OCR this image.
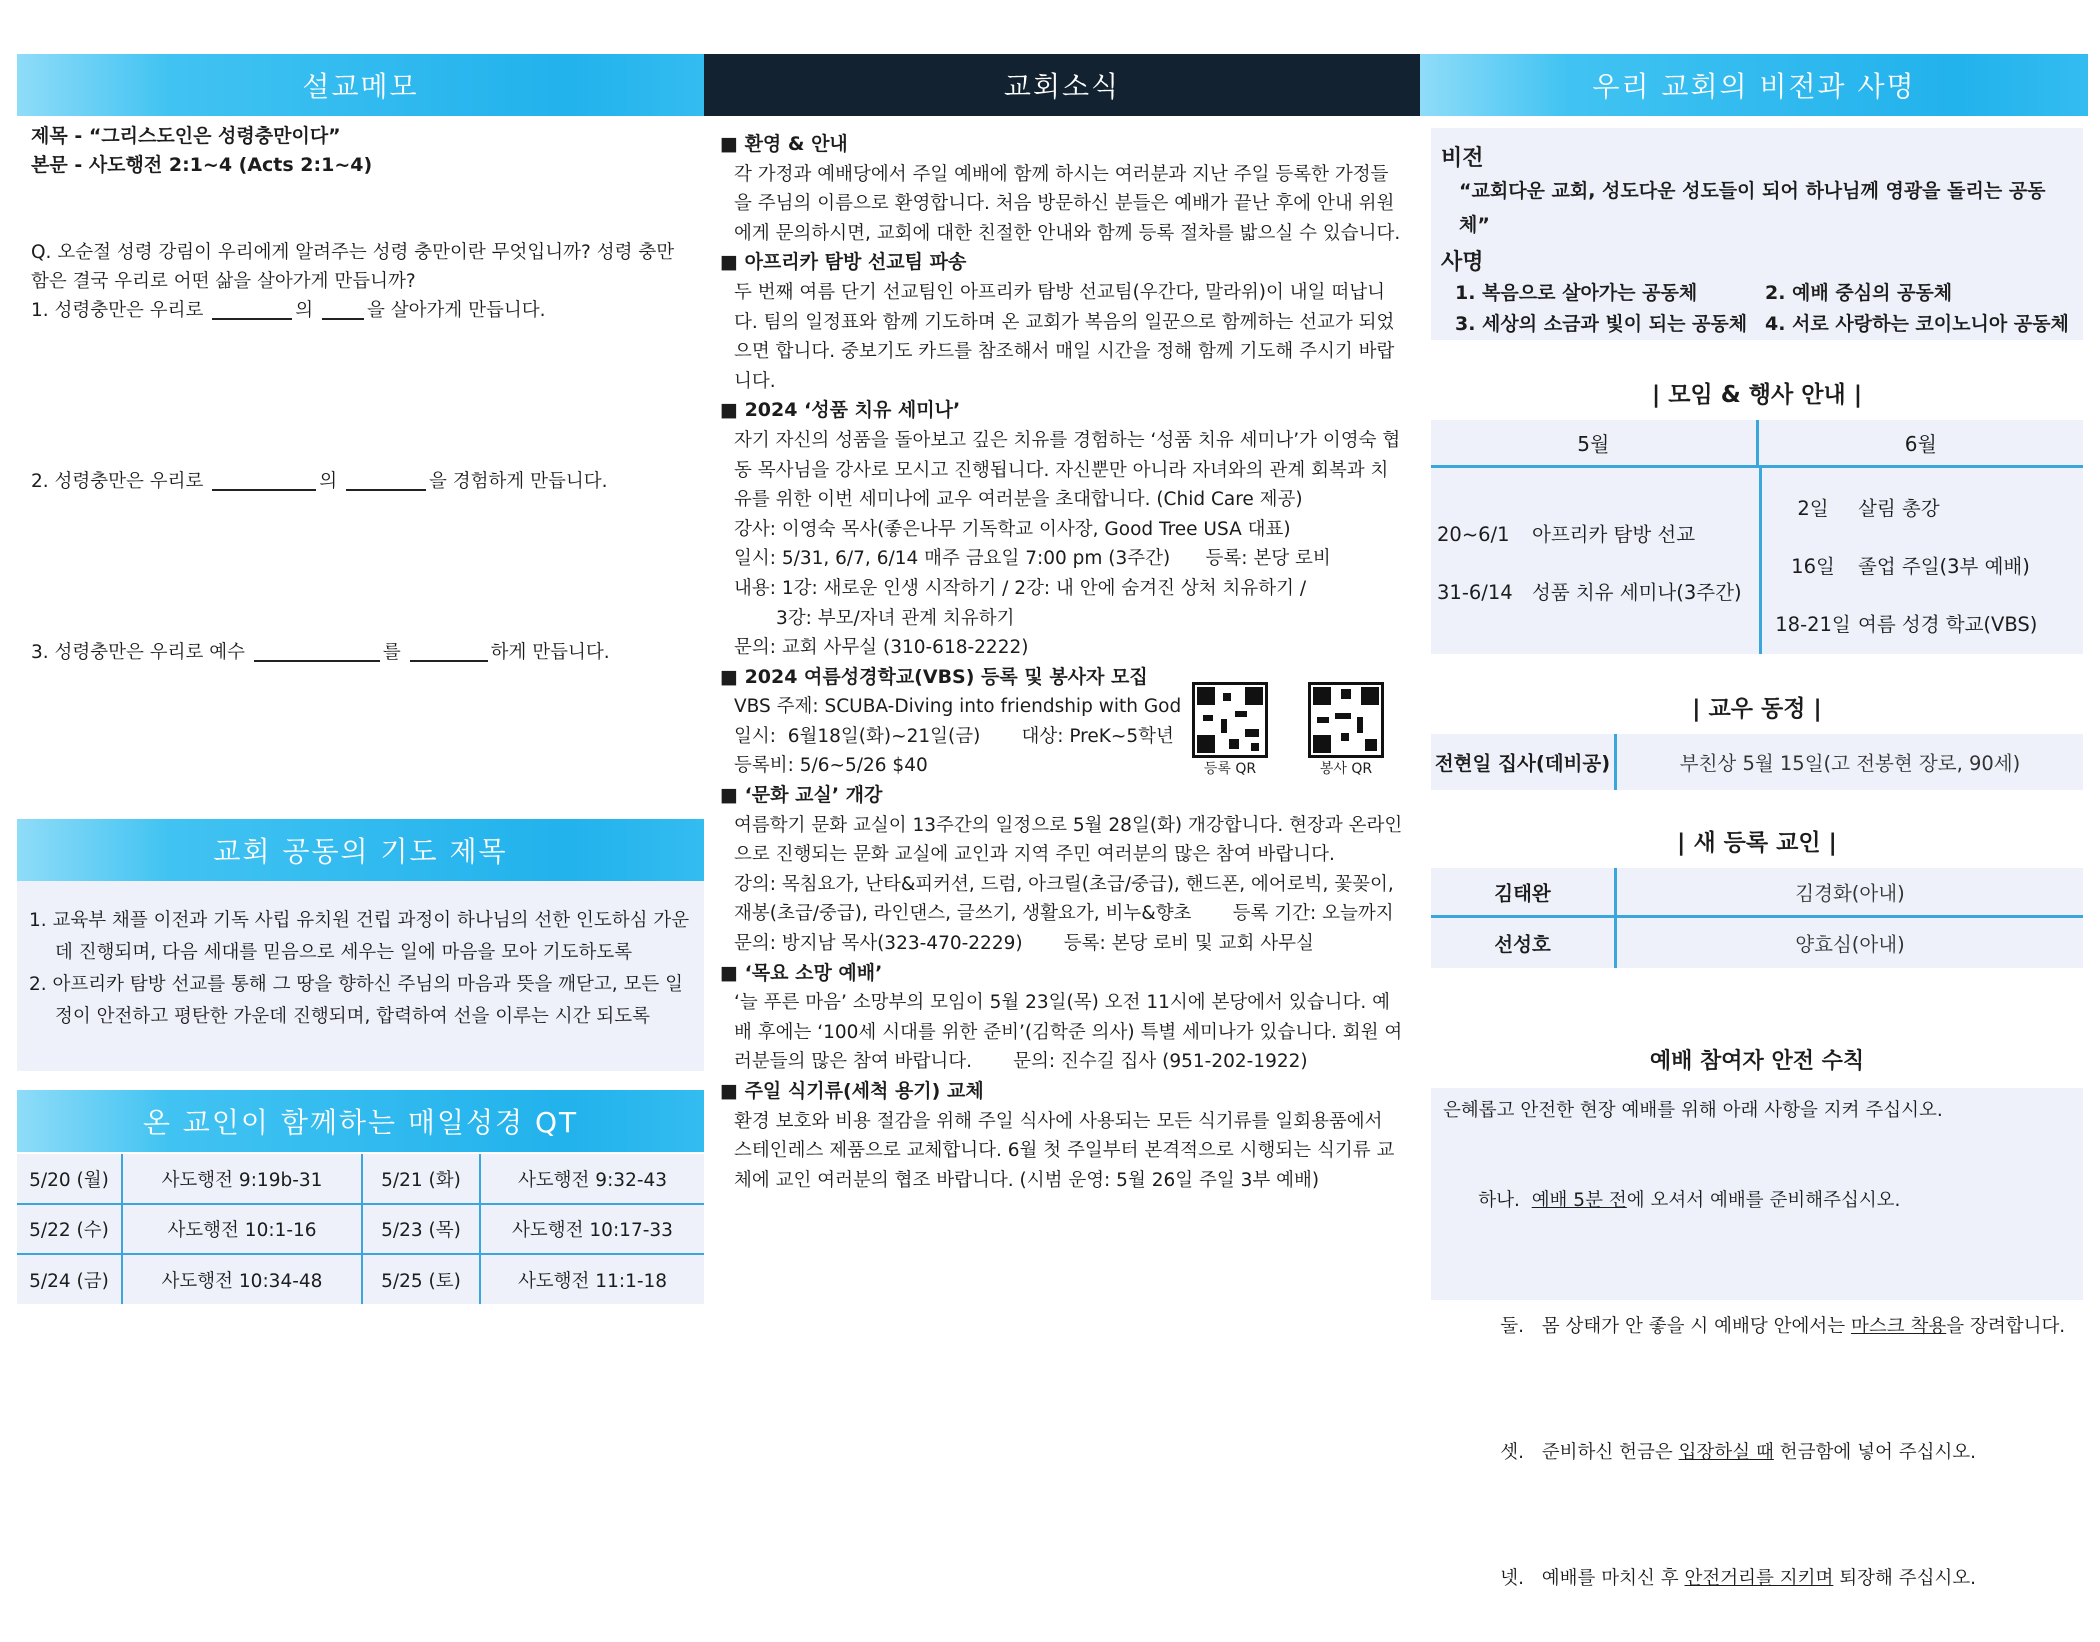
설교메모
제목 - “그리스도인은 성령충만이다”
본문 - 사도행전 2:1~4 (Acts 2:1~4)
Q. 오순절 성령 강림이 우리에게 알려주는 성령 충만이란 무엇입니까? 성령 충만함은 결국 우리로 어떤 삶을 살아가게 만듭니까?
1. 성령충만은 우리로	의	을 살아가게 만듭니다.
2. 성령충만은 우리로	의	을 경험하게 만듭니다.
3. 성령충만은 우리로 예수	를	하게 만듭니다.
교회 공동의 기도 제목
1. 교육부 채플 이전과 기독 사립 유치원 건립 과정이 하나님의 선한 인도하심 가운데 진행되며, 다음 세대를 믿음으로 세우는 일에 마음을 모아 기도하도록
2. 아프리카 탐방 선교를 통해 그 땅을 향하신 주님의 마음과 뜻을 깨닫고, 모든 일정이 안전하고 평탄한 가운데 진행되며, 합력하여 선을 이루는 시간 되도록
온 교인이 함께하는 매일성경 QT
5/20 (월)	사도행전 9:19b-31	5/21 (화)	사도행전 9:32-43
5/22 (수)	사도행전 10:1-16	5/23 (목)	사도행전 10:17-33
5/24 (금)	사도행전 10:34-48	5/25 (토)	사도행전 11:1-18
교회소식
■ 환영 & 안내
각 가정과 예배당에서 주일 예배에 함께 하시는 여러분과 지난 주일 등록한 가정들을 주님의 이름으로 환영합니다. 처음 방문하신 분들은 예배가 끝난 후에 안내 위원에게 문의하시면, 교회에 대한 친절한 안내와 함께 등록 절차를 밟으실 수 있습니다.
■ 아프리카 탐방 선교팀 파송
두 번째 여름 단기 선교팀인 아프리카 탐방 선교팀(우간다, 말라위)이 내일 떠납니다. 팀의 일정표와 함께 기도하며 온 교회가 복음의 일꾼으로 함께하는 선교가 되었으면 합니다. 중보기도 카드를 참조해서 매일 시간을 정해 함께 기도해 주시기 바랍니다.
■ 2024 ‘성품 치유 세미나’
자기 자신의 성품을 돌아보고 깊은 치유를 경험하는 ‘성품 치유 세미나’가 이영숙 협동 목사님을 강사로 모시고 진행됩니다. 자신뿐만 아니라 자녀와의 관계 회복과 치유를 위한 이번 세미나에 교우 여러분을 초대합니다. (Chid Care 제공)
강사: 이영숙 목사(좋은나무 기독학교 이사장, Good Tree USA 대표)
일시: 5/31, 6/7, 6/14 매주 금요일 7:00 pm (3주간)      등록: 본당 로비
내용: 1강: 새로운 인생 시작하기 / 2강: 내 안에 숨겨진 상처 치유하기 /
3강: 부모/자녀 관계 치유하기
문의: 교회 사무실 (310-618-2222)
■ 2024 여름성경학교(VBS) 등록 및 봉사자 모집
VBS 주제: SCUBA-Diving into friendship with God
일시:  6월18일(화)~21일(금)       대상: PreK~5학년
등록비: 5/6~5/26 $40
■ ‘문화 교실’ 개강
여름학기 문화 교실이 13주간의 일정으로 5월 28일(화) 개강합니다. 현장과 온라인으로 진행되는 문화 교실에 교인과 지역 주민 여러분의 많은 참여 바랍니다.
강의: 목침요가, 난타&피커션, 드럼, 아크릴(초급/중급), 핸드폰, 에어로빅, 꽃꽂이, 재봉(초급/중급), 라인댄스, 글쓰기, 생활요가, 비누&향초       등록 기간: 오늘까지
문의: 방지남 목사(323-470-2229)       등록: 본당 로비 및 교회 사무실
■ ‘목요 소망 예배’
‘늘 푸른 마음’ 소망부의 모임이 5월 23일(목) 오전 11시에 본당에서 있습니다. 예배 후에는 ‘100세 시대를 위한 준비’(김학준 의사) 특별 세미나가 있습니다. 회원 여러분들의 많은 참여 바랍니다.       문의: 진수길 집사 (951-202-1922)
■ 주일 식기류(세척 용기) 교체
환경 보호와 비용 절감을 위해 주일 식사에 사용되는 모든 식기류를 일회용품에서 스테인레스 제품으로 교체합니다. 6월 첫 주일부터 본격적으로 시행되는 식기류 교체에 교인 여러분의 협조 바랍니다. (시범 운영: 5월 26일 주일 3부 예배)
등록 QR	봉사 QR
우리 교회의 비전과 사명
비전
“교회다운 교회, 성도다운 성도들이 되어 하나님께 영광을 돌리는 공동체”
사명
1. 복음으로 살아가는 공동체	2. 예배 중심의 공동체
3. 세상의 소금과 빛이 되는 공동체 4. 서로 사랑하는 코이노니아 공동체
| 모임 & 행사 안내 |
5월	6월
20~6/1	아프리카 탐방 선교
31-6/14 성품 치유 세미나(3주간)
2일	살림 총강
16일	졸업 주일(3부 예배)
18-21일 여름 성경 학교(VBS)
| 교우 동정 |
전현일 집사(데비공)	부친상 5월 15일(고 전봉현 장로, 90세)
| 새 등록 교인 |
김태완	김경화(아내)
선성호	양효심(아내)
예배 참여자 안전 수칙
은혜롭고 안전한 현장 예배를 위해 아래 사항을 지켜 주십시오.

하나. 예배 5분 전에 오셔서 예배를 준비해주십시오.

둘. 몸 상태가 안 좋을 시 예배당 안에서는 마스크 착용을 장려합니다.

셋. 준비하신 헌금은 입장하실 때 헌금함에 넣어 주십시오.

넷. 예배를 마치신 후 안전거리를 지키며 퇴장해 주십시오.
